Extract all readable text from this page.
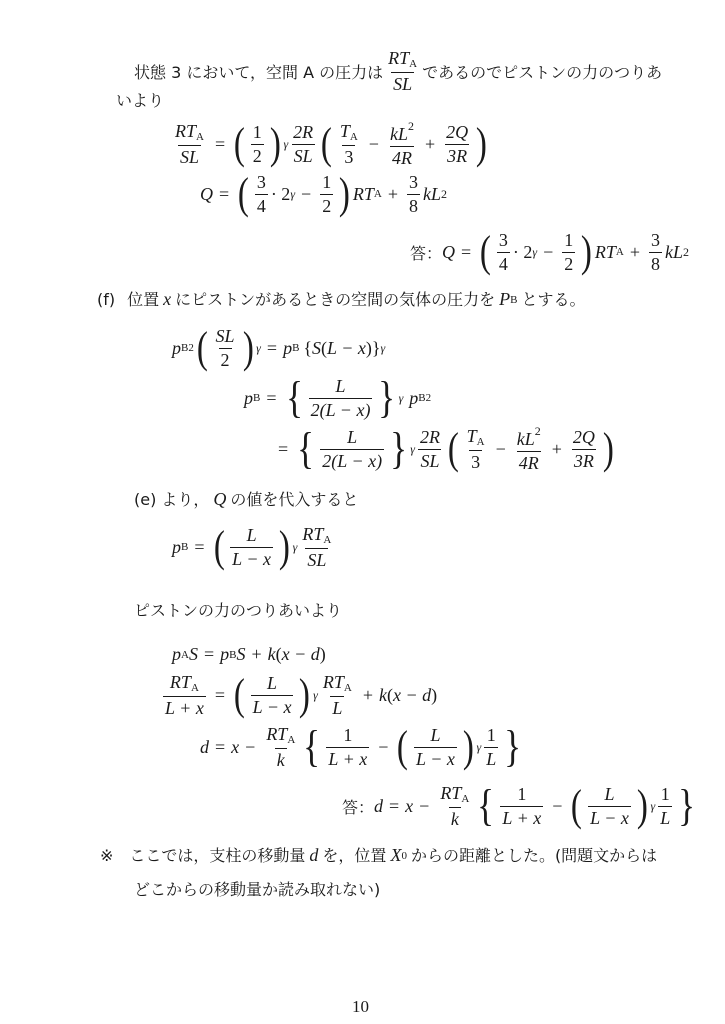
状態 3 において，空間 A の圧力は $\frac{RT_A}{SL}$ であるのでピストンの力のつりあ
いより
$\frac{RT_A}{SL}$ = ( $\frac{1}{2}$ ) γ $\frac{2R}{SL}$ ( $\frac{T_A}{3} - \frac{kL^2}{4R} + \frac{2Q}{3R}$ )
Q = ( $\frac{3}{4} \cdot 2$ $\gamma - \frac{1}{2}$ ) RT $A + \frac{3}{8}$ kL 2
答： Q = ( $\frac{3}{4} \cdot 2$ $\gamma - \frac{1}{2}$ ) RT $A + \frac{3}{8}$ kL 2
(f) 位置 x にピストンがあるときの空間の気体の圧力を P B とする。
p B2 ( $\frac{SL}{2}$ ) γ = p B { S ( L − x )} γ
p B = { $\frac{L}{2(L - x)}$ } γ p B2
= { $\frac{L}{2(L - x)}$ } γ $\frac{2R}{SL}$ ( $\frac{T_A}{3} - \frac{kL^2}{4R} + \frac{2Q}{3R}$ )
(e) より， Q の値を代入すると
p B = ( $\frac{L}{L - x}$ ) γ $\frac{RT_A}{SL}$
ピストンの力のつりあいより
p A S = p B S + k ( x − d )
$\frac{RT_A}{L + x}$ = ( $\frac{L}{L - x}$ ) γ $\frac{RT_A}{L} + k$ ( x − d )
$d = x - \frac{RT_A}{k}$ { $\frac{1}{L + x}$ − ( $\frac{L}{L - x}$ ) γ $\frac{1}{L}$ }
答： $d = x - \frac{RT_A}{k}$ { $\frac{1}{L + x}$ − ( $\frac{L}{L - x}$ ) γ $\frac{1}{L}$ }
※ ここでは，支柱の移動量 d を，位置 X 0 からの距離とした。(問題文からは
どこからの移動量か読み取れない)
10
